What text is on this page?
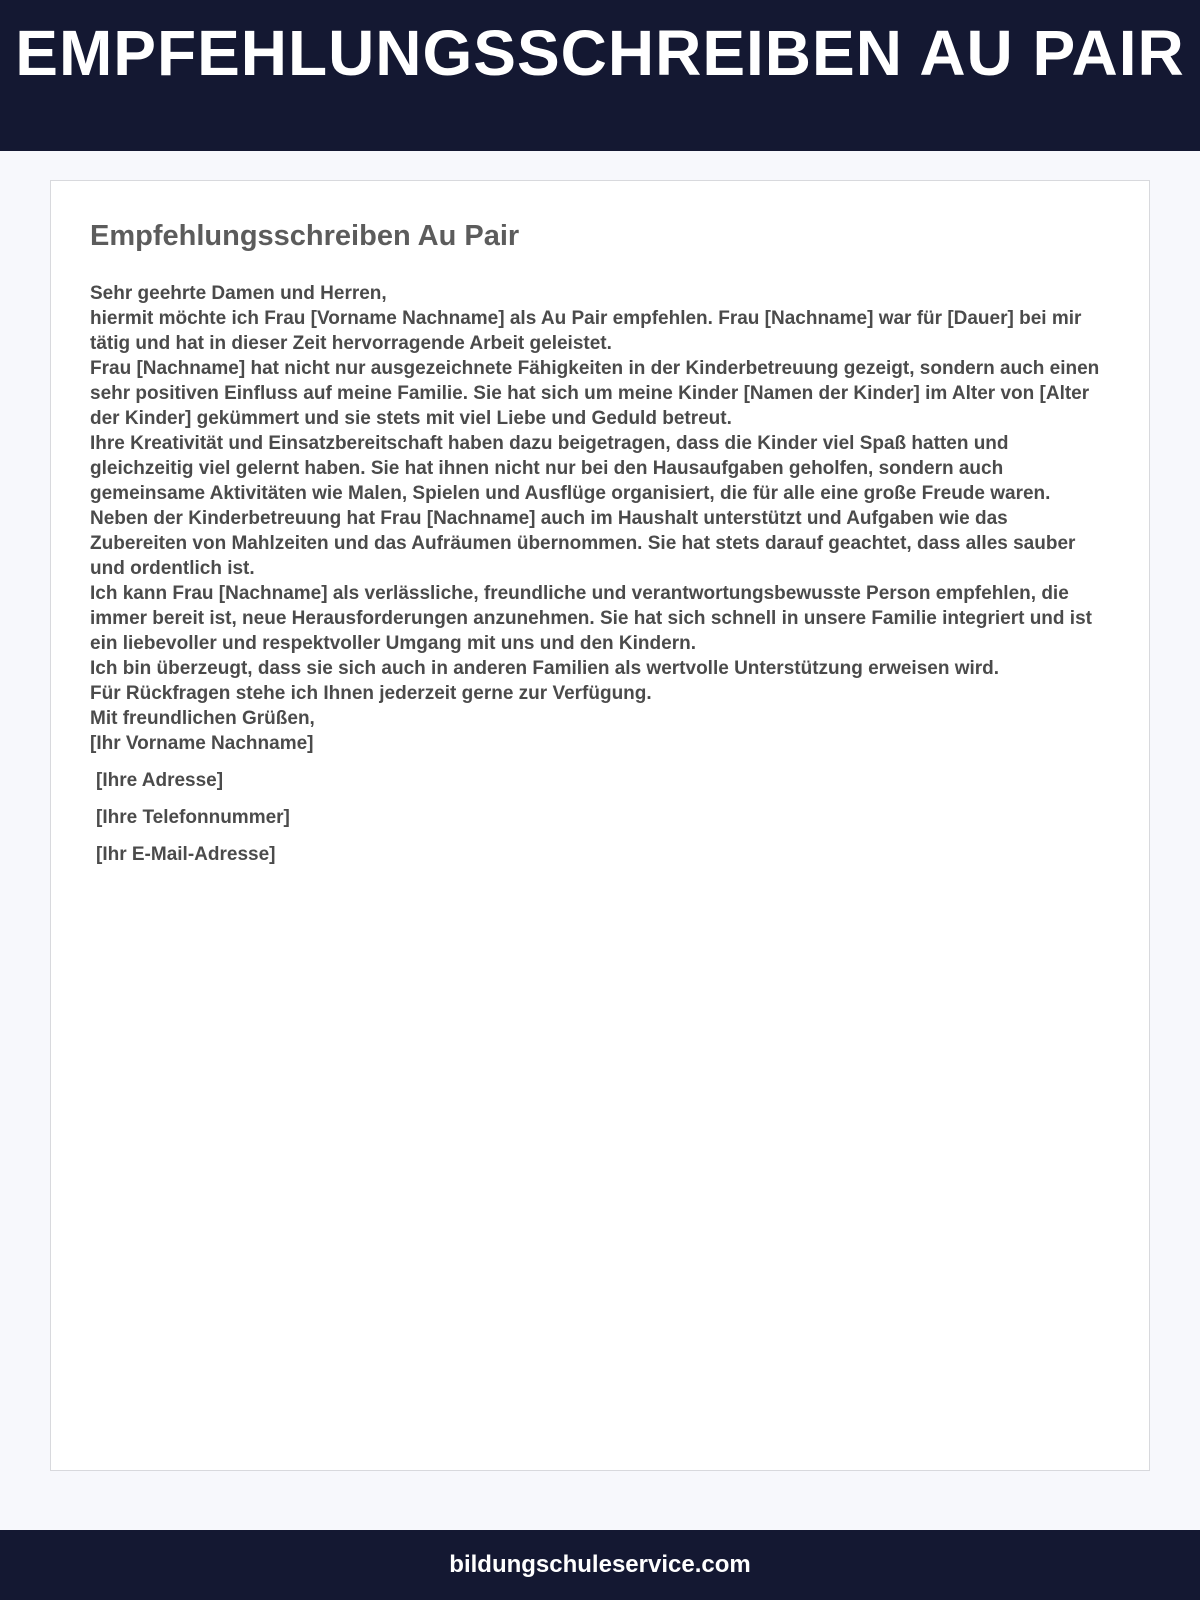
EMPFEHLUNGSSCHREIBEN AU PAIR
Empfehlungsschreiben Au Pair

Sehr geehrte Damen und Herren,

hiermit möchte ich Frau [Vorname Nachname] als Au Pair empfehlen. Frau [Nachname] war für [Dauer] bei mir tätig und hat in dieser Zeit hervorragende Arbeit geleistet.

Frau [Nachname] hat nicht nur ausgezeichnete Fähigkeiten in der Kinderbetreuung gezeigt, sondern auch einen sehr positiven Einfluss auf meine Familie. Sie hat sich um meine Kinder [Namen der Kinder] im Alter von [Alter der Kinder] gekümmert und sie stets mit viel Liebe und Geduld betreut.

Ihre Kreativität und Einsatzbereitschaft haben dazu beigetragen, dass die Kinder viel Spaß hatten und gleichzeitig viel gelernt haben. Sie hat ihnen nicht nur bei den Hausaufgaben geholfen, sondern auch gemeinsame Aktivitäten wie Malen, Spielen und Ausflüge organisiert, die für alle eine große Freude waren.

Neben der Kinderbetreuung hat Frau [Nachname] auch im Haushalt unterstützt und Aufgaben wie das Zubereiten von Mahlzeiten und das Aufräumen übernommen. Sie hat stets darauf geachtet, dass alles sauber und ordentlich ist.

Ich kann Frau [Nachname] als verlässliche, freundliche und verantwortungsbewusste Person empfehlen, die immer bereit ist, neue Herausforderungen anzunehmen. Sie hat sich schnell in unsere Familie integriert und ist ein liebevoller und respektvoller Umgang mit uns und den Kindern.

Ich bin überzeugt, dass sie sich auch in anderen Familien als wertvolle Unterstützung erweisen wird.

Für Rückfragen stehe ich Ihnen jederzeit gerne zur Verfügung.

Mit freundlichen Grüßen,

[Ihr Vorname Nachname]

[Ihre Adresse]
[Ihre Telefonnummer]
[Ihr E-Mail-Adresse]
bildungschuleservice.com
